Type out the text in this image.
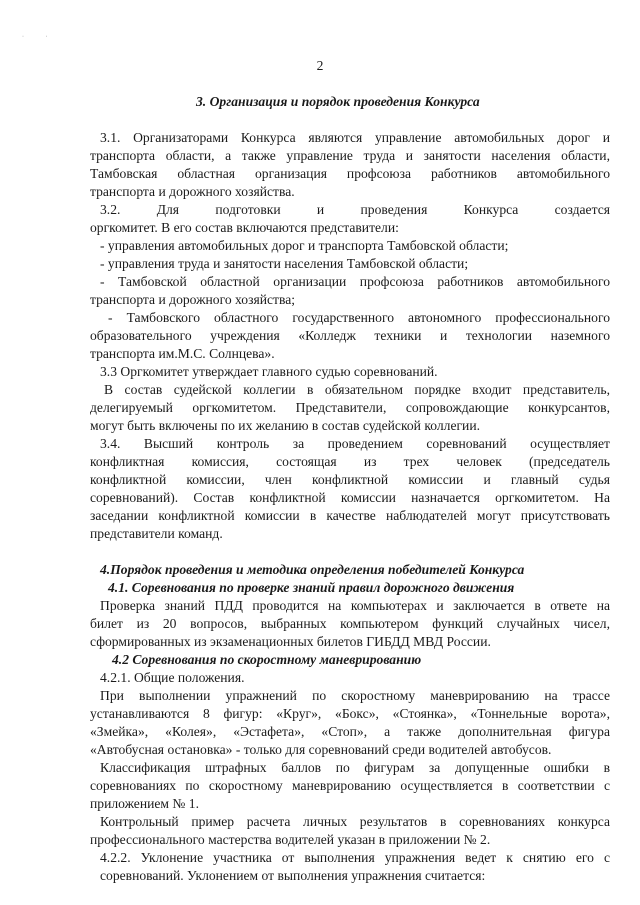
· ·
2
3. Организация и порядок проведения Конкурса
3.1. Организаторами Конкурса являются управление автомобильных дорог и
транспорта области, а также управление труда и занятости населения области,
Тамбовская областная организация профсоюза работников автомобильного
транспорта и дорожного хозяйства.
3.2. Для подготовки и проведения Конкурса создается
оргкомитет. В его состав включаются представители:
- управления автомобильных дорог и транспорта Тамбовской области;
- управления труда и занятости населения Тамбовской области;
- Тамбовской областной организации профсоюза работников автомобильного
транспорта и дорожного хозяйства;
- Тамбовского областного государственного автономного профессионального
образовательного учреждения «Колледж техники и технологии наземного
транспорта им.М.С. Солнцева».
3.3 Оргкомитет утверждает главного судью соревнований.
В состав судейской коллегии в обязательном порядке входит представитель,
делегируемый оргкомитетом. Представители, сопровождающие конкурсантов,
могут быть включены по их желанию в состав судейской коллегии.
3.4. Высший контроль за проведением соревнований осуществляет
конфликтная комиссия, состоящая из трех человек (председатель
конфликтной комиссии, член конфликтной комиссии и главный судья
соревнований). Состав конфликтной комиссии назначается оргкомитетом. На
заседании конфликтной комиссии в качестве наблюдателей могут присутствовать
представители команд.
4.Порядок проведения и методика определения победителей Конкурса
4.1. Соревнования по проверке знаний правил дорожного движения
Проверка знаний ПДД проводится на компьютерах и заключается в ответе на
билет из 20 вопросов, выбранных компьютером функций случайных чисел,
сформированных из экзаменационных билетов ГИБДД МВД России.
4.2 Соревнования по скоростному маневрированию
4.2.1. Общие положения.
При выполнении упражнений по скоростному маневрированию на трассе
устанавливаются 8 фигур: «Круг», «Бокс», «Стоянка», «Тоннельные ворота»,
«Змейка», «Колея», «Эстафета», «Стоп», а также дополнительная фигура
«Автобусная остановка» - только для соревнований среди водителей автобусов.
Классификация штрафных баллов по фигурам за допущенные ошибки в
соревнованиях по скоростному маневрированию осуществляется в соответствии с
приложением № 1.
Контрольный пример расчета личных результатов в соревнованиях конкурса
профессионального мастерства водителей указан в приложении № 2.
4.2.2. Уклонение участника от выполнения упражнения ведет к снятию его с
соревнований. Уклонением от выполнения упражнения считается:
